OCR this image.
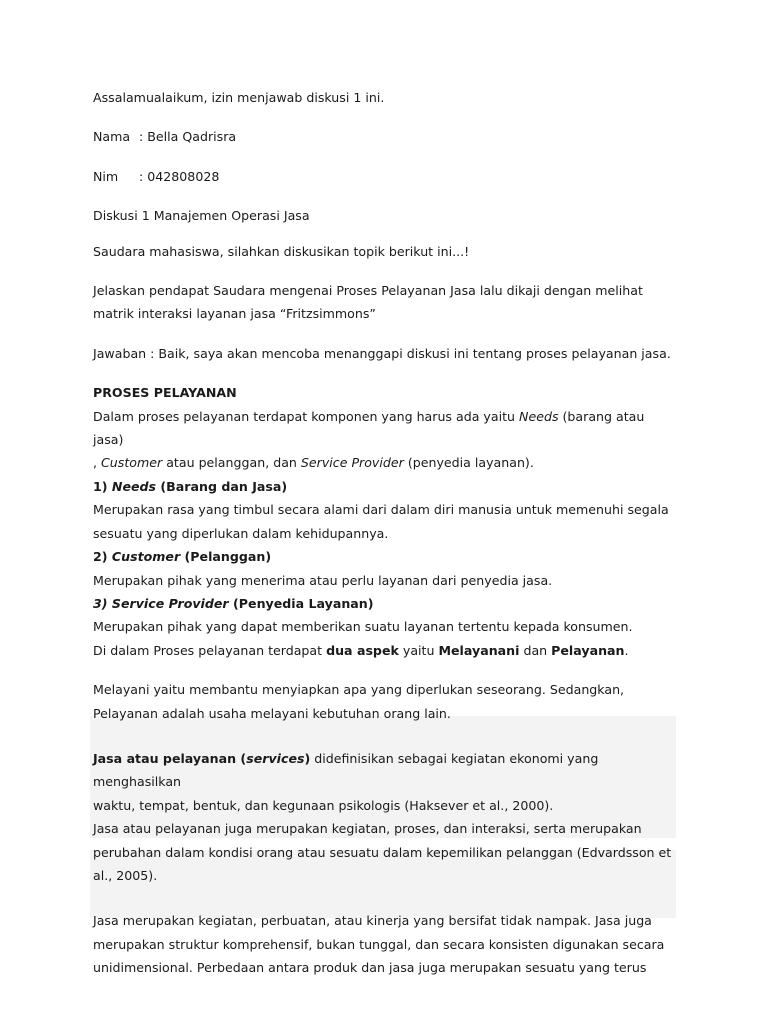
Assalamualaikum, izin menjawab diskusi 1 ini.

Nama : Bella Qadrisra

Nim : 042808028

Diskusi 1 Manajemen Operasi Jasa

Saudara mahasiswa, silahkan diskusikan topik berikut ini...!

Jelaskan pendapat Saudara mengenai Proses Pelayanan Jasa lalu dikaji dengan melihat

matrik interaksi layanan jasa “Fritzsimmons”

Jawaban : Baik, saya akan mencoba menanggapi diskusi ini tentang proses pelayanan jasa.

PROSES PELAYANAN

Dalam proses pelayanan terdapat komponen yang harus ada yaitu Needs (barang atau jasa)

, Customer atau pelanggan, dan Service Provider (penyedia layanan).

1) Needs (Barang dan Jasa)

Merupakan rasa yang timbul secara alami dari dalam diri manusia untuk memenuhi segala

sesuatu yang diperlukan dalam kehidupannya.

2) Customer (Pelanggan)

Merupakan pihak yang menerima atau perlu layanan dari penyedia jasa.

3) Service Provider (Penyedia Layanan)

Merupakan pihak yang dapat memberikan suatu layanan tertentu kepada konsumen.

Di dalam Proses pelayanan terdapat dua aspek yaitu Melayanani dan Pelayanan.

Melayani yaitu membantu menyiapkan apa yang diperlukan seseorang. Sedangkan,

Pelayanan adalah usaha melayani kebutuhan orang lain.

Jasa atau pelayanan (services) didefinisikan sebagai kegiatan ekonomi yang menghasilkan

waktu, tempat, bentuk, dan kegunaan psikologis (Haksever et al., 2000).

Jasa atau pelayanan juga merupakan kegiatan, proses, dan interaksi, serta merupakan

perubahan dalam kondisi orang atau sesuatu dalam kepemilikan pelanggan (Edvardsson et

al., 2005).

Jasa merupakan kegiatan, perbuatan, atau kinerja yang bersifat tidak nampak. Jasa juga

merupakan struktur komprehensif, bukan tunggal, dan secara konsisten digunakan secara

unidimensional. Perbedaan antara produk dan jasa juga merupakan sesuatu yang terus
